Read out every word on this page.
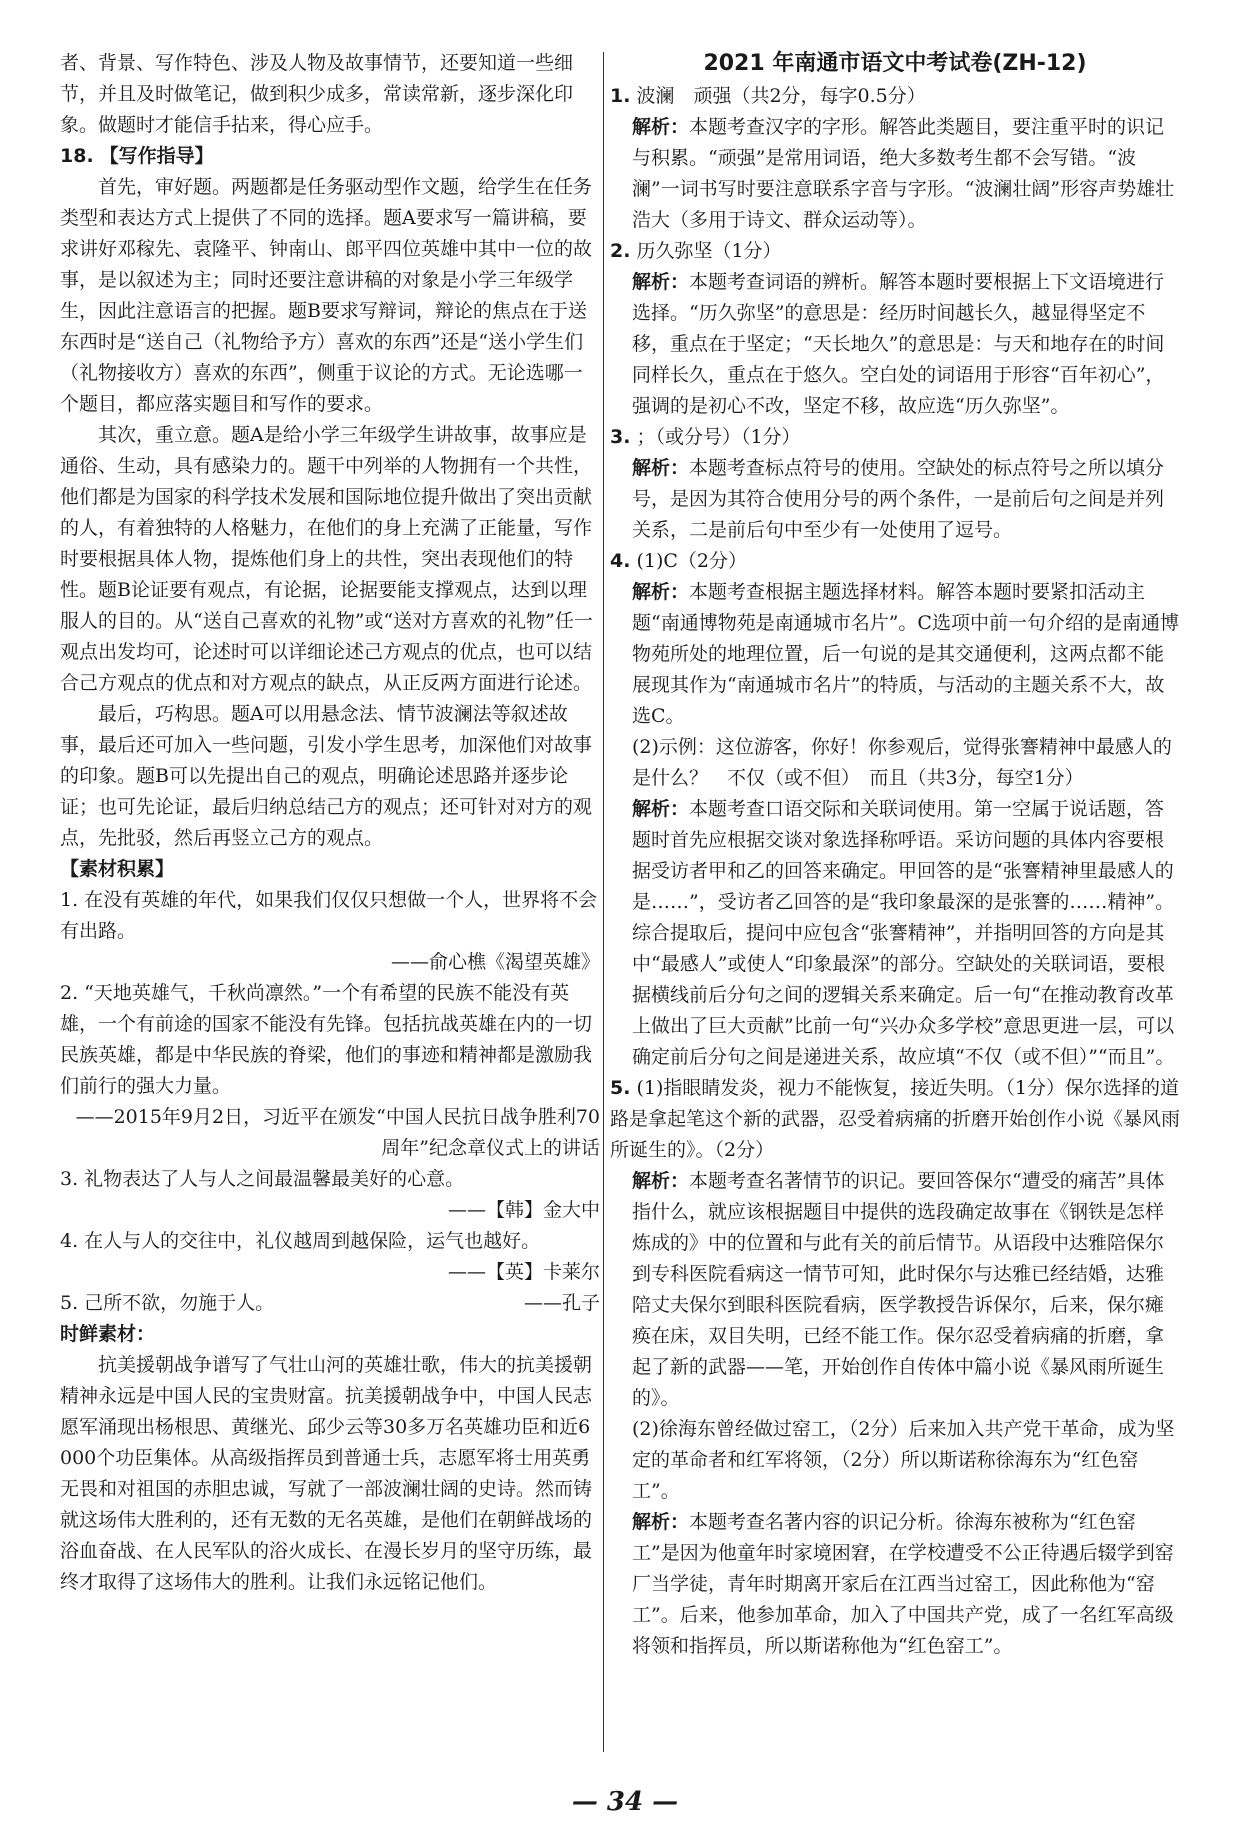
者、背景、写作特色、涉及人物及故事情节，还要知道一些细节，并且及时做笔记，做到积少成多，常读常新，逐步深化印象。做题时才能信手拈来，得心应手。

18. 【写作指导】

首先，审好题。两题都是任务驱动型作文题，给学生在任务类型和表达方式上提供了不同的选择。题A要求写一篇讲稿，要求讲好邓稼先、袁隆平、钟南山、郎平四位英雄中其中一位的故事，是以叙述为主；同时还要注意讲稿的对象是小学三年级学生，因此注意语言的把握。题B要求写辩词，辩论的焦点在于送东西时是“送自己（礼物给予方）喜欢的东西”还是“送小学生们（礼物接收方）喜欢的东西”，侧重于议论的方式。无论选哪一个题目，都应落实题目和写作的要求。

其次，重立意。题A是给小学三年级学生讲故事，故事应是通俗、生动，具有感染力的。题干中列举的人物拥有一个共性，他们都是为国家的科学技术发展和国际地位提升做出了突出贡献的人，有着独特的人格魅力，在他们的身上充满了正能量，写作时要根据具体人物，提炼他们身上的共性，突出表现他们的特性。题B论证要有观点，有论据，论据要能支撑观点，达到以理服人的目的。从“送自己喜欢的礼物”或“送对方喜欢的礼物”任一观点出发均可，论述时可以详细论述己方观点的优点，也可以结合己方观点的优点和对方观点的缺点，从正反两方面进行论述。

最后，巧构思。题A可以用悬念法、情节波澜法等叙述故事，最后还可加入一些问题，引发小学生思考，加深他们对故事的印象。题B可以先提出自己的观点，明确论述思路并逐步论证；也可先论证，最后归纳总结己方的观点；还可针对对方的观点，先批驳，然后再竖立己方的观点。

【素材积累】

1. 在没有英雄的年代，如果我们仅仅只想做一个人，世界将不会有出路。

——俞心樵《渴望英雄》

2. “天地英雄气，千秋尚凛然。”一个有希望的民族不能没有英雄，一个有前途的国家不能没有先锋。包括抗战英雄在内的一切民族英雄，都是中华民族的脊梁，他们的事迹和精神都是激励我们前行的强大力量。

——2015年9月2日，习近平在颁发“中国人民抗日战争胜利70周年”纪念章仪式上的讲话

3. 礼物表达了人与人之间最温馨最美好的心意。

——【韩】金大中

4. 在人与人的交往中，礼仪越周到越保险，运气也越好。

——【英】卡莱尔

5. 己所不欲，勿施于人。	——孔子

时鲜素材：

抗美援朝战争谱写了气壮山河的英雄壮歌，伟大的抗美援朝精神永远是中国人民的宝贵财富。抗美援朝战争中，中国人民志愿军涌现出杨根思、黄继光、邱少云等30多万名英雄功臣和近6 000个功臣集体。从高级指挥员到普通士兵，志愿军将士用英勇无畏和对祖国的赤胆忠诚，写就了一部波澜壮阔的史诗。然而铸就这场伟大胜利的，还有无数的无名英雄，是他们在朝鲜战场的浴血奋战、在人民军队的浴火成长、在漫长岁月的坚守历练，最终才取得了这场伟大的胜利。让我们永远铭记他们。

2021 年南通市语文中考试卷(ZH-12)

1. 波澜　顽强（共2分，每字0.5分）

解析：本题考查汉字的字形。解答此类题目，要注重平时的识记与积累。“顽强”是常用词语，绝大多数考生都不会写错。“波澜”一词书写时要注意联系字音与字形。“波澜壮阔”形容声势雄壮浩大（多用于诗文、群众运动等）。

2. 历久弥坚（1分）

解析：本题考查词语的辨析。解答本题时要根据上下文语境进行选择。“历久弥坚”的意思是：经历时间越长久，越显得坚定不移，重点在于坚定；“天长地久”的意思是：与天和地存在的时间同样长久，重点在于悠久。空白处的词语用于形容“百年初心”，强调的是初心不改，坚定不移，故应选“历久弥坚”。

3. ；（或分号）（1分）

解析：本题考查标点符号的使用。空缺处的标点符号之所以填分号，是因为其符合使用分号的两个条件，一是前后句之间是并列关系，二是前后句中至少有一处使用了逗号。

4. (1)C（2分）

解析：本题考查根据主题选择材料。解答本题时要紧扣活动主题“南通博物苑是南通城市名片”。C选项中前一句介绍的是南通博物苑所处的地理位置，后一句说的是其交通便利，这两点都不能展现其作为“南通城市名片”的特质，与活动的主题关系不大，故选C。

(2)示例：这位游客，你好！你参观后，觉得张謇精神中最感人的是什么？　不仅（或不但）　而且（共3分，每空1分）

解析：本题考查口语交际和关联词使用。第一空属于说话题，答题时首先应根据交谈对象选择称呼语。采访问题的具体内容要根据受访者甲和乙的回答来确定。甲回答的是“张謇精神里最感人的是……”，受访者乙回答的是“我印象最深的是张謇的……精神”。综合提取后，提问中应包含“张謇精神”，并指明回答的方向是其中“最感人”或使人“印象最深”的部分。空缺处的关联词语，要根据横线前后分句之间的逻辑关系来确定。后一句“在推动教育改革上做出了巨大贡献”比前一句“兴办众多学校”意思更进一层，可以确定前后分句之间是递进关系，故应填“不仅（或不但）”“而且”。

5. (1)指眼睛发炎，视力不能恢复，接近失明。（1分）保尔选择的道路是拿起笔这个新的武器，忍受着病痛的折磨开始创作小说《暴风雨所诞生的》。（2分）

解析：本题考查名著情节的识记。要回答保尔“遭受的痛苦”具体指什么，就应该根据题目中提供的选段确定故事在《钢铁是怎样炼成的》中的位置和与此有关的前后情节。从语段中达雅陪保尔到专科医院看病这一情节可知，此时保尔与达雅已经结婚，达雅陪丈夫保尔到眼科医院看病，医学教授告诉保尔，后来，保尔瘫痪在床，双目失明，已经不能工作。保尔忍受着病痛的折磨，拿起了新的武器——笔，开始创作自传体中篇小说《暴风雨所诞生的》。

(2)徐海东曾经做过窑工，（2分）后来加入共产党干革命，成为坚定的革命者和红军将领，（2分）所以斯诺称徐海东为“红色窑工”。

解析：本题考查名著内容的识记分析。徐海东被称为“红色窑工”是因为他童年时家境困窘，在学校遭受不公正待遇后辍学到窑厂当学徒，青年时期离开家后在江西当过窑工，因此称他为“窑工”。后来，他参加革命，加入了中国共产党，成了一名红军高级将领和指挥员，所以斯诺称他为“红色窑工”。

— 34 —
